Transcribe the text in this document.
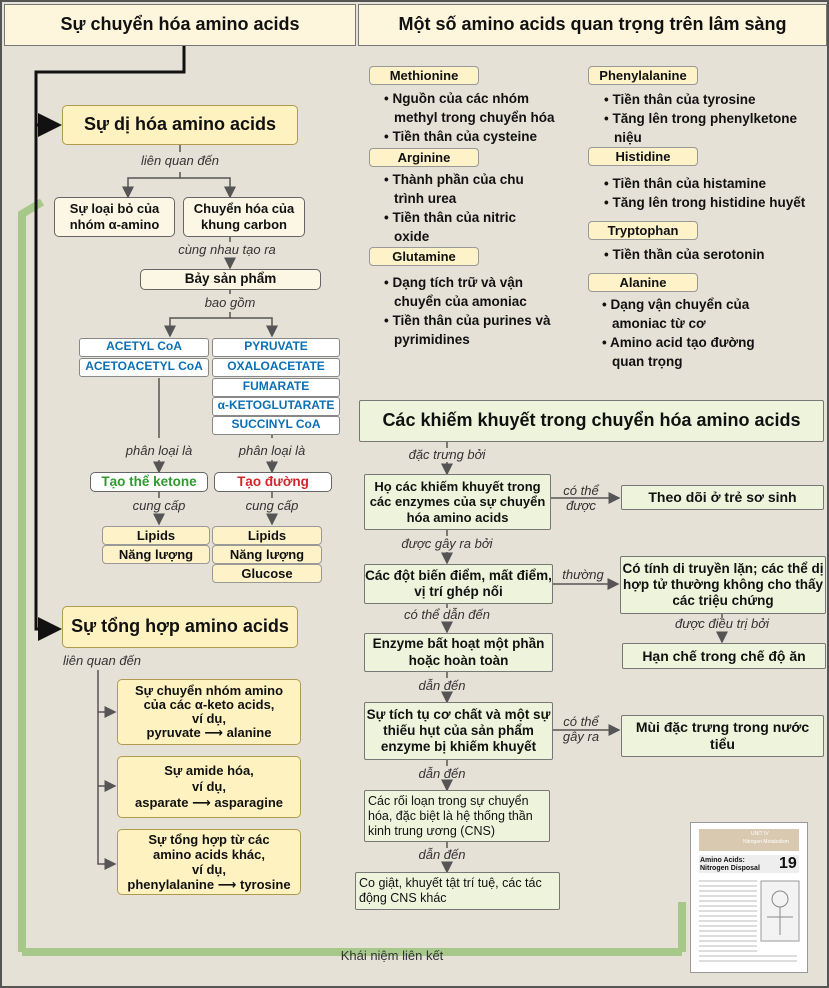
Sự chuyển hóa amino acids	Một số amino acids quan trọng trên lâm sàng
Sự dị hóa amino acids
liên quan đến
Sự loại bỏ của
nhóm α-amino
Chuyển hóa của
khung carbon
cùng nhau tạo ra
Bảy sản phẩm
bao gồm
ACETYL CoA
ACETOACETYL CoA
PYRUVATE
OXALOACETATE
FUMARATE
α-KETOGLUTARATE
SUCCINYL CoA
phân loại là	phân loại là
Tạo thể ketone	Tạo đường
cung cấp	cung cấp
Lipids
Năng lượng
Lipids
Năng lượng
Glucose
Sự tổng hợp amino acids
liên quan đến
Sự chuyển nhóm amino
của các α-keto acids,
ví dụ,
pyruvate ⟶ alanine
Sự amide hóa,
ví dụ,
asparate ⟶ asparagine
Sự tổng hợp từ các
amino acids khác,
ví dụ,
phenylalanine ⟶ tyrosine
Khái niệm liên kết
Methionine
• Nguồn của các nhóm methyl trong chuyển hóa
• Tiền thân của cysteine
Arginine
• Thành phần của chu trình urea
• Tiền thân của nitric oxide
Glutamine
• Dạng tích trữ và vận chuyển của amoniac
• Tiền thân của purines và pyrimidines
Phenylalanine
• Tiền thân của tyrosine
• Tăng lên trong phenylketone niệu
Histidine
• Tiền thân của histamine
• Tăng lên trong histidine huyết
Tryptophan
• Tiền thần của serotonin
Alanine
• Dạng vận chuyển của amoniac từ cơ
• Amino acid tạo đường quan trọng
Các khiếm khuyết trong chuyển hóa amino acids
đặc trưng bởi
Họ các khiếm khuyết trong các enzymes của sự chuyển hóa amino acids
có thể được
Theo dõi ở trẻ sơ sinh
được gây ra bởi
Các đột biến điểm, mất điểm, vị trí ghép nối
thường	Có tính di truyền lặn; các thể dị hợp tử thường không cho thấy các triệu chứng
được điều trị bởi
Hạn chế trong chế độ ăn
có thể dẫn đến
Enzyme bất hoạt một phần hoặc hoàn toàn
dẫn đến
Sự tích tụ cơ chất và một sự thiếu hụt của sản phẩm enzyme bị khiếm khuyết
có thể gây ra
Mùi đặc trưng trong nước tiểu
dẫn đến
Các rối loạn trong sự chuyển hóa, đặc biệt là hệ thống thần kinh trung ương (CNS)
dẫn đến
Co giật, khuyết tật trí tuệ, các tác động CNS khác
UNIT IV
Nitrogen Metabolism
Amino Acids:
Nitrogen Disposal 19
